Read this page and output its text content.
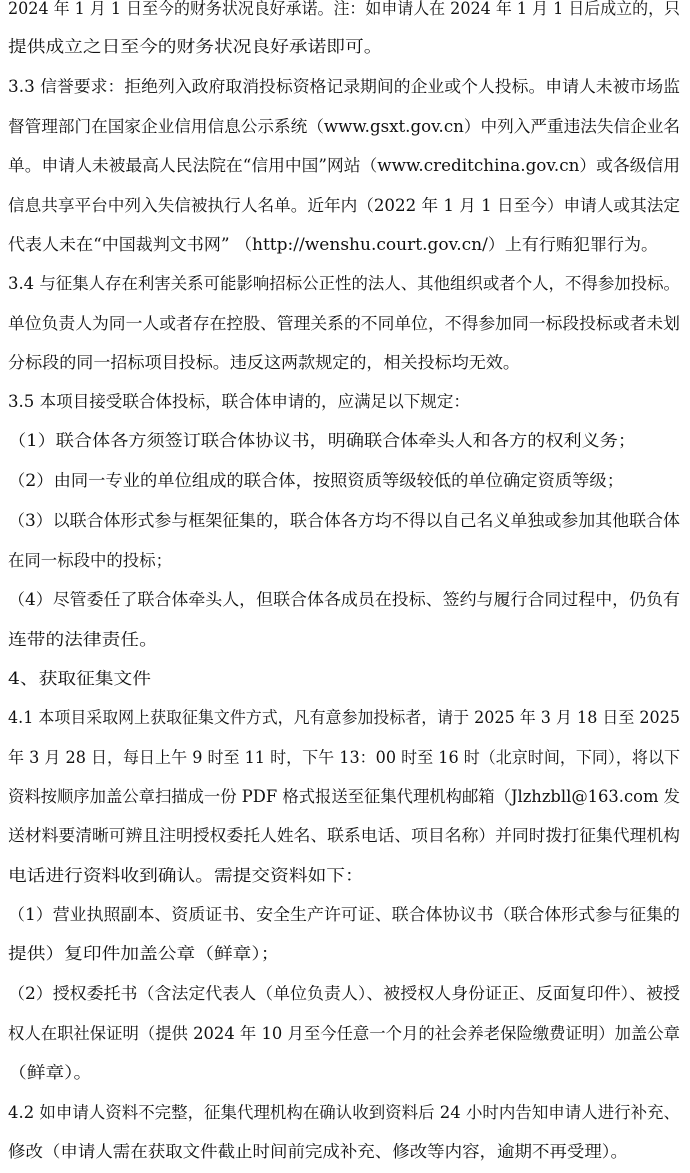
2024 年 1 月 1 日至今的财务状况良好承诺。注：如申请人在 2024 年 1 月 1 日后成立的，只
提供成立之日至今的财务状况良好承诺即可。
3.3 信誉要求：拒绝列入政府取消投标资格记录期间的企业或个人投标。申请人未被市场监
督管理部门在国家企业信用信息公示系统（www.gsxt.gov.cn）中列入严重违法失信企业名
单。申请人未被最高人民法院在“信用中国”网站（www.creditchina.gov.cn）或各级信用
信息共享平台中列入失信被执行人名单。近年内（2022 年 1 月 1 日至今）申请人或其法定
代表人未在“中国裁判文书网” （http://wenshu.court.gov.cn/）上有行贿犯罪行为。
3.4 与征集人存在利害关系可能影响招标公正性的法人、其他组织或者个人，不得参加投标。
单位负责人为同一人或者存在控股、管理关系的不同单位，不得参加同一标段投标或者未划
分标段的同一招标项目投标。违反这两款规定的，相关投标均无效。
3.5 本项目接受联合体投标，联合体申请的，应满足以下规定：
（1）联合体各方须签订联合体协议书，明确联合体牵头人和各方的权利义务；
（2）由同一专业的单位组成的联合体，按照资质等级较低的单位确定资质等级；
（3）以联合体形式参与框架征集的，联合体各方均不得以自己名义单独或参加其他联合体
在同一标段中的投标；
（4）尽管委任了联合体牵头人，但联合体各成员在投标、签约与履行合同过程中，仍负有
连带的法律责任。
4、获取征集文件
4.1 本项目采取网上获取征集文件方式，凡有意参加投标者，请于 2025 年 3 月 18 日至 2025
年 3 月 28 日，每日上午 9 时至 11 时，下午 13：00 时至 16 时（北京时间，下同），将以下
资料按顺序加盖公章扫描成一份 PDF 格式报送至征集代理机构邮箱（Jlzhzbll@163.com 发
送材料要清晰可辨且注明授权委托人姓名、联系电话、项目名称）并同时拨打征集代理机构
电话进行资料收到确认。需提交资料如下：
（1）营业执照副本、资质证书、安全生产许可证、联合体协议书（联合体形式参与征集的
提供）复印件加盖公章（鲜章）；
（2）授权委托书（含法定代表人（单位负责人）、被授权人身份证正、反面复印件）、被授
权人在职社保证明（提供 2024 年 10 月至今任意一个月的社会养老保险缴费证明）加盖公章
（鲜章）。
4.2 如申请人资料不完整，征集代理机构在确认收到资料后 24 小时内告知申请人进行补充、
修改（申请人需在获取文件截止时间前完成补充、修改等内容，逾期不再受理）。
